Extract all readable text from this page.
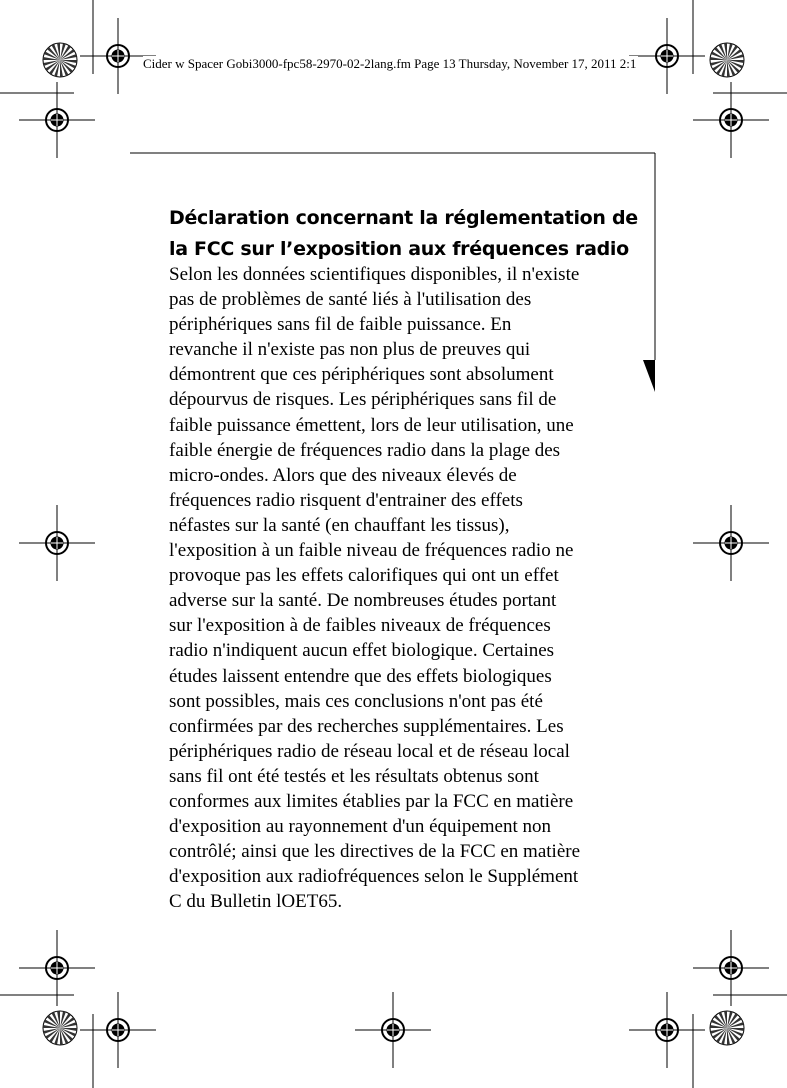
Cider w Spacer Gobi3000-fpc58-2970-02-2lang.fm Page 13 Thursday, November 17, 2011 2:1
Déclaration concernant la réglementation de
la FCC sur l’exposition aux fréquences radio
Selon les données scientifiques disponibles, il n'existe
pas de problèmes de santé liés à l'utilisation des
périphériques sans fil de faible puissance. En
revanche il n'existe pas non plus de preuves qui
démontrent que ces périphériques sont absolument
dépourvus de risques. Les périphériques sans fil de
faible puissance émettent, lors de leur utilisation, une
faible énergie de fréquences radio dans la plage des
micro-ondes. Alors que des niveaux élevés de
fréquences radio risquent d'entrainer des effets
néfastes sur la santé (en chauffant les tissus),
l'exposition à un faible niveau de fréquences radio ne
provoque pas les effets calorifiques qui ont un effet
adverse sur la santé. De nombreuses études portant
sur l'exposition à de faibles niveaux de fréquences
radio n'indiquent aucun effet biologique. Certaines
études laissent entendre que des effets biologiques
sont possibles, mais ces conclusions n'ont pas été
confirmées par des recherches supplémentaires. Les
périphériques radio de réseau local et de réseau local
sans fil ont été testés et les résultats obtenus sont
conformes aux limites établies par la FCC en matière
d'exposition au rayonnement d'un équipement non
contrôlé; ainsi que les directives de la FCC en matière
d'exposition aux radiofréquences selon le Supplément
C du Bulletin lOET65.
